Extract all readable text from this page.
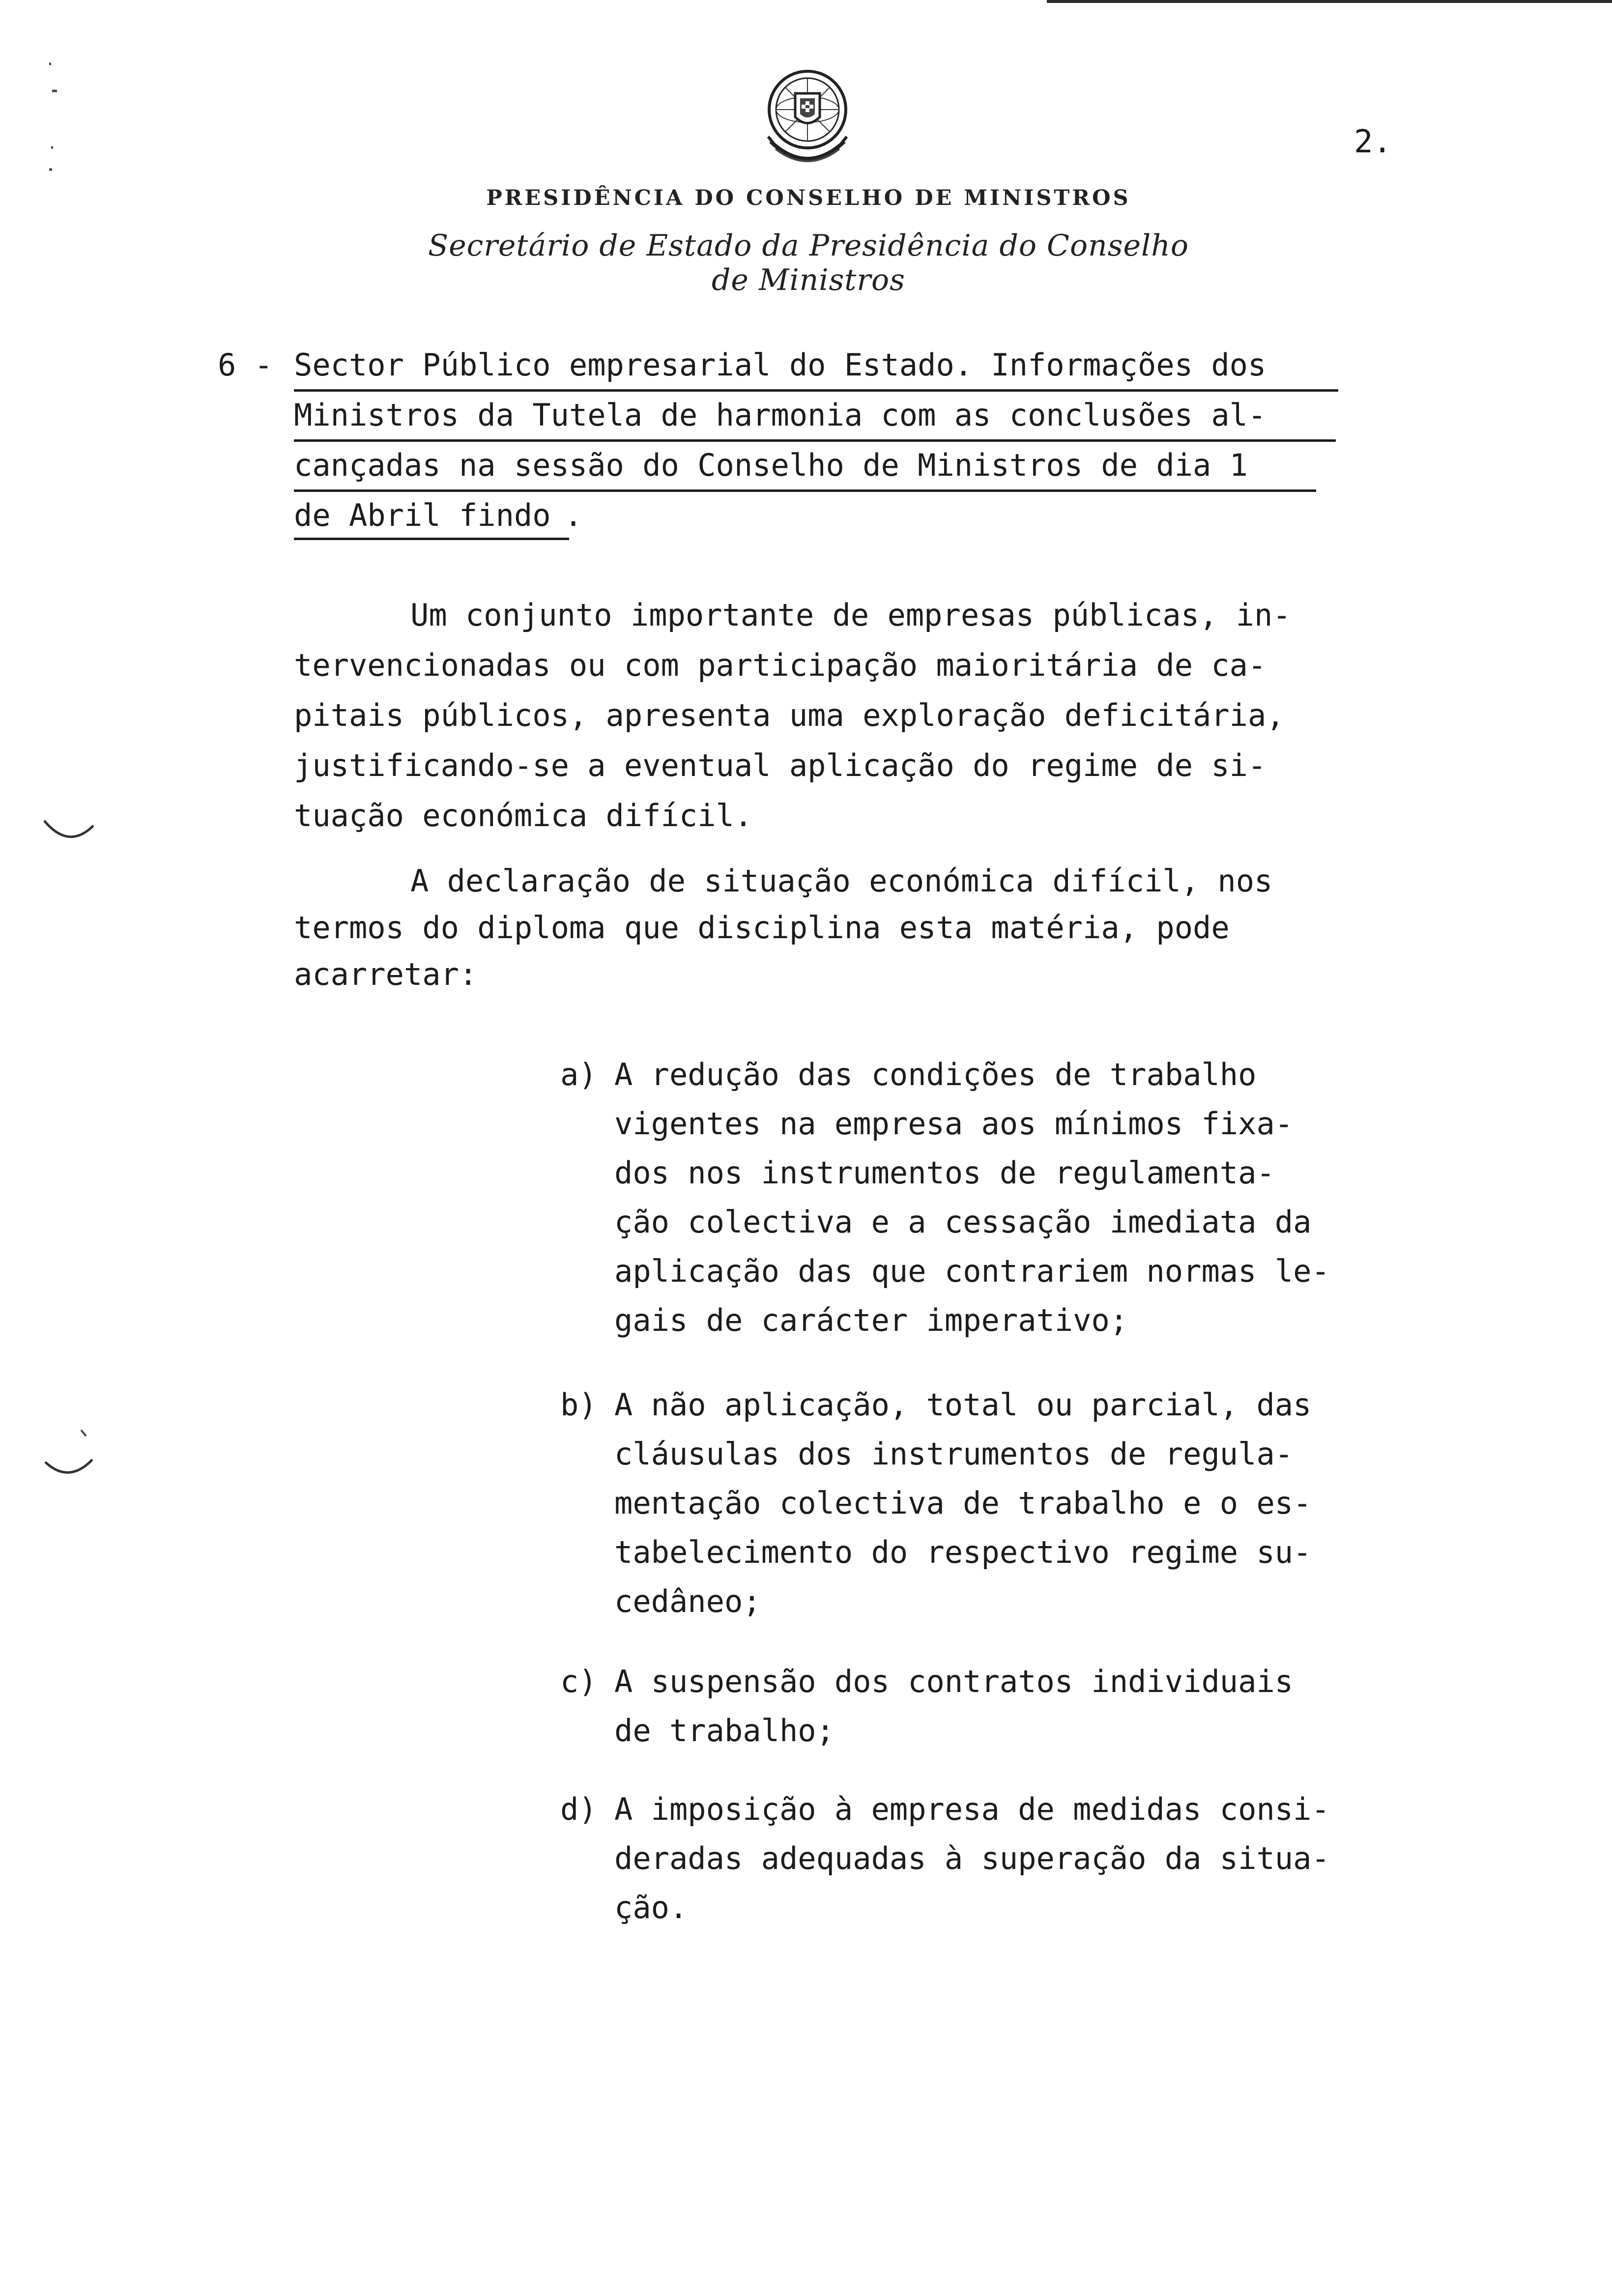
2.
PRESIDÊNCIA DO CONSELHO DE MINISTROS
Secretário de Estado da Presidência do Conselho de Ministros
6 - Sector Público empresarial do Estado. Informações dos
Ministros da Tutela de harmonia com as conclusões al-
cançadas na sessão do Conselho de Ministros de dia 1
de Abril findo .
Um conjunto importante de empresas públicas, in-
tervencionadas ou com participação maioritária de ca-
pitais públicos, apresenta uma exploração deficitária,
justificando-se a eventual aplicação do regime de si-
tuação económica difícil.
A declaração de situação económica difícil, nos
termos do diploma que disciplina esta matéria, pode
acarretar:
a) A redução das condições de trabalho
vigentes na empresa aos mínimos fixa-
dos nos instrumentos de regulamenta-
ção colectiva e a cessação imediata da
aplicação das que contrariem normas le-
gais de carácter imperativo;
b) A não aplicação, total ou parcial, das
cláusulas dos instrumentos de regula-
mentação colectiva de trabalho e o es-
tabelecimento do respectivo regime su-
cedâneo;
c) A suspensão dos contratos individuais
de trabalho;
d) A imposição à empresa de medidas consi-
deradas adequadas à superação da situa-
ção.
